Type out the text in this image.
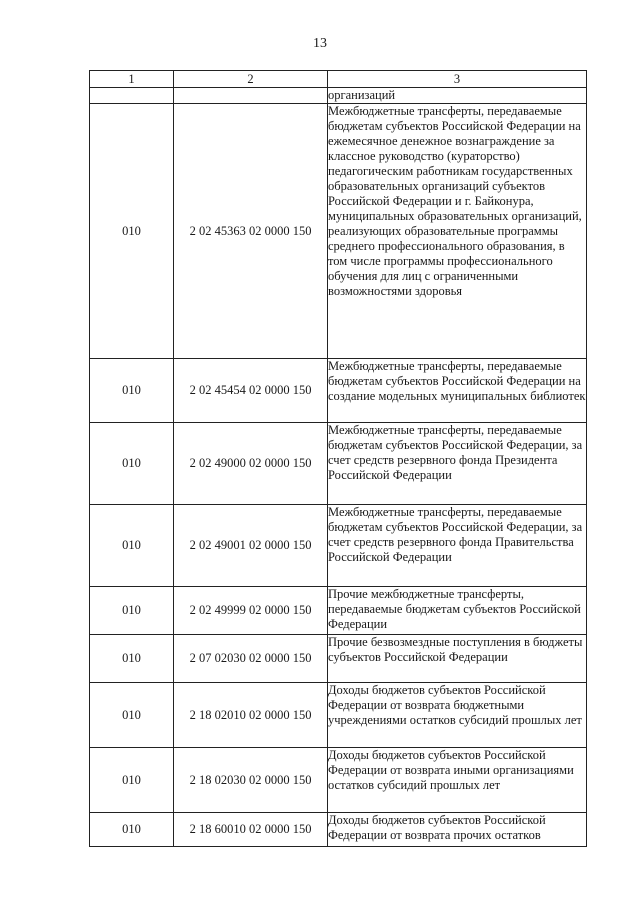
13
1	2	3
		организаций
010	2 02 45363 02 0000 150	Межбюджетные трансферты, передаваемые бюджетам субъектов Российской Федерации на ежемесячное денежное вознаграждение за классное руководство (кураторство) педагогическим работникам государственных образовательных организаций субъектов Российской Федерации и г. Байконура, муниципальных образовательных организаций, реализующих образовательные программы среднего профессионального образования, в том числе программы профессионального обучения для лиц с ограниченными возможностями здоровья
010	2 02 45454 02 0000 150	Межбюджетные трансферты, передаваемые бюджетам субъектов Российской Федерации на создание модельных муниципальных библиотек
010	2 02 49000 02 0000 150	Межбюджетные трансферты, передаваемые бюджетам субъектов Российской Федерации, за счет средств резервного фонда Президента Российской Федерации
010	2 02 49001 02 0000 150	Межбюджетные трансферты, передаваемые бюджетам субъектов Российской Федерации, за счет средств резервного фонда Правительства Российской Федерации
010	2 02 49999 02 0000 150	Прочие межбюджетные трансферты, передаваемые бюджетам субъектов Российской Федерации
010	2 07 02030 02 0000 150	Прочие безвозмездные поступления в бюджеты субъектов Российской Федерации
010	2 18 02010 02 0000 150	Доходы бюджетов субъектов Российской Федерации от возврата бюджетными учреждениями остатков субсидий прошлых лет
010	2 18 02030 02 0000 150	Доходы бюджетов субъектов Российской Федерации от возврата иными организациями остатков субсидий прошлых лет
010	2 18 60010 02 0000 150	Доходы бюджетов субъектов Российской Федерации от возврата прочих остатков
